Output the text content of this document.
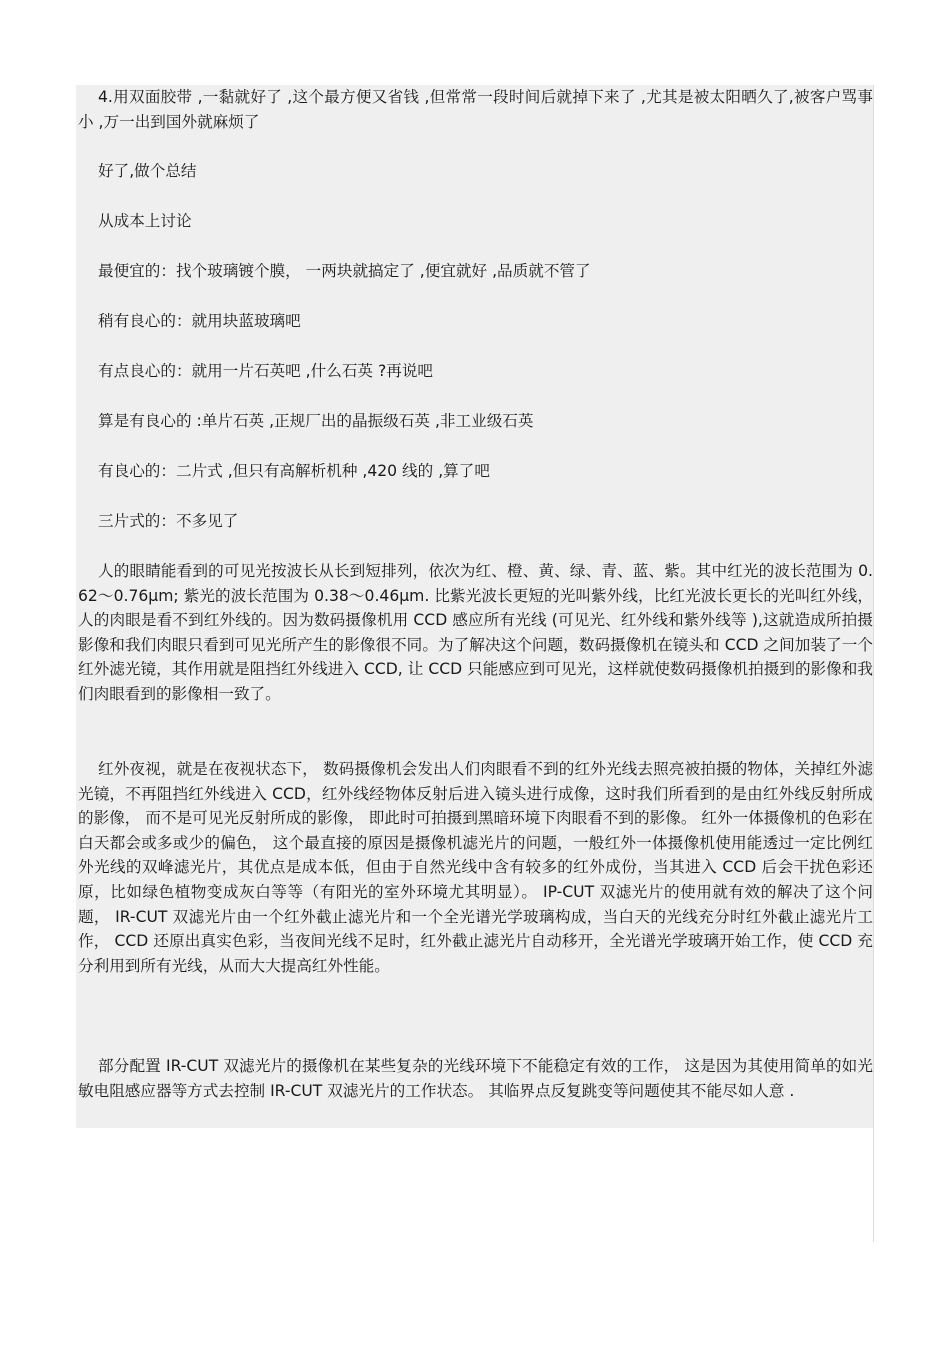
4.用双面胶带 ,一黏就好了 ,这个最方便又省钱 ,但常常一段时间后就掉下来了 ,尤其是被太阳晒久了,被客户骂事小 ,万一出到国外就麻烦了

好了,做个总结

从成本上讨论

最便宜的：找个玻璃镀个膜， 一两块就搞定了 ,便宜就好 ,品质就不管了

稍有良心的：就用块蓝玻璃吧

有点良心的：就用一片石英吧 ,什么石英 ?再说吧

算是有良心的 :单片石英 ,正规厂出的晶振级石英 ,非工业级石英

有良心的：二片式 ,但只有高解析机种 ,420 线的 ,算了吧

三片式的：不多见了

人的眼睛能看到的可见光按波长从长到短排列，依次为红、橙、黄、绿、青、蓝、紫。其中红光的波长范围为 0.62～0.76μm; 紫光的波长范围为 0.38～0.46μm. 比紫光波长更短的光叫紫外线，比红光波长更长的光叫红外线，人的肉眼是看不到红外线的。因为数码摄像机用 CCD 感应所有光线 (可见光、红外线和紫外线等 ),这就造成所拍摄影像和我们肉眼只看到可见光所产生的影像很不同。为了解决这个问题，数码摄像机在镜头和 CCD 之间加装了一个红外滤光镜，其作用就是阻挡红外线进入 CCD, 让 CCD 只能感应到可见光，这样就使数码摄像机拍摄到的影像和我们肉眼看到的影像相一致了。

红外夜视，就是在夜视状态下， 数码摄像机会发出人们肉眼看不到的红外光线去照亮被拍摄的物体，关掉红外滤光镜，不再阻挡红外线进入 CCD，红外线经物体反射后进入镜头进行成像，这时我们所看到的是由红外线反射所成的影像， 而不是可见光反射所成的影像， 即此时可拍摄到黑暗环境下肉眼看不到的影像。 红外一体摄像机的色彩在白天都会或多或少的偏色， 这个最直接的原因是摄像机滤光片的问题，一般红外一体摄像机使用能透过一定比例红外光线的双峰滤光片，其优点是成本低，但由于自然光线中含有较多的红外成份，当其进入 CCD 后会干扰色彩还原，比如绿色植物变成灰白等等（有阳光的室外环境尤其明显）。 IP-CUT 双滤光片的使用就有效的解决了这个问题， IR-CUT 双滤光片由一个红外截止滤光片和一个全光谱光学玻璃构成，当白天的光线充分时红外截止滤光片工作， CCD 还原出真实色彩，当夜间光线不足时，红外截止滤光片自动移开，全光谱光学玻璃开始工作，使 CCD 充分利用到所有光线，从而大大提高红外性能。

部分配置 IR-CUT 双滤光片的摄像机在某些复杂的光线环境下不能稳定有效的工作， 这是因为其使用简单的如光敏电阻感应器等方式去控制 IR-CUT 双滤光片的工作状态。 其临界点反复跳变等问题使其不能尽如人意 .
